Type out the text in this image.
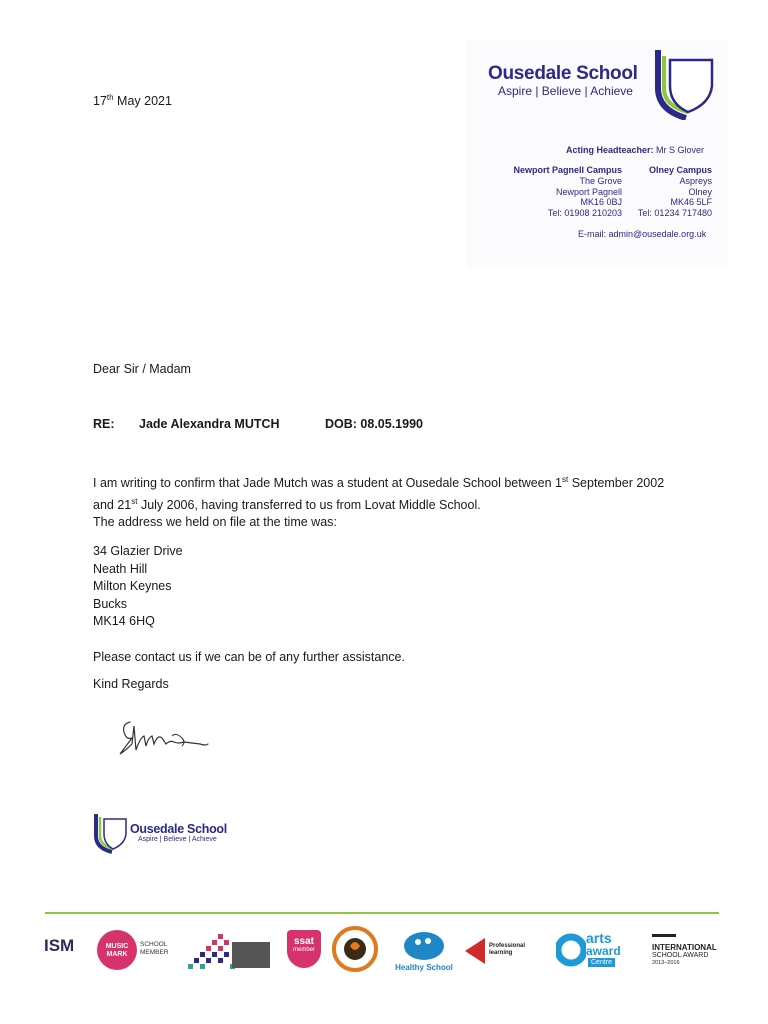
Ousedale School
Aspire | Believe | Achieve
Acting Headteacher: Mr S Glover
Newport Pagnell Campus
The Grove
Newport Pagnell
MK16 0BJ
Tel: 01908 210203
Olney Campus
Aspreys
Olney
MK46 5LF
Tel: 01234 717480
E-mail: admin@ousedale.org.uk
17th May 2021
Dear Sir / Madam
RE: Jade Alexandra MUTCH	DOB: 08.05.1990
I am writing to confirm that Jade Mutch was a student at Ousedale School between 1st September 2002 and 21st July 2006, having transferred to us from Lovat Middle School.
The address we held on file at the time was:
34 Glazier Drive
Neath Hill
Milton Keynes
Bucks
MK14 6HQ
Please contact us if we can be of any further assistance.
Kind Regards
Ousedale School
Aspire | Believe | Achieve
ISM	MUSIC MARK
SCHOOL MEMBER
ssat
member
Healthy School
Professional
learning
arts
award
Centre
INTERNATIONAL
SCHOOL AWARD
2013–2016
